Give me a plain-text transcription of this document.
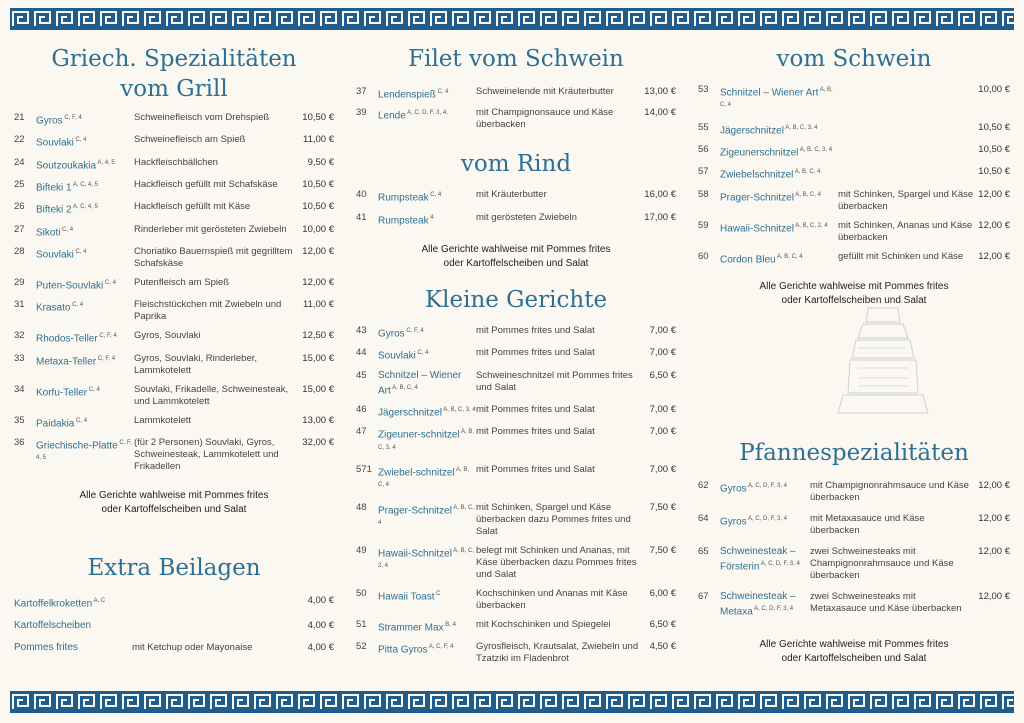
Griech. Spezialitäten
vom Grill
21	Gyros $^{C, F, 4}$	Schweinefleisch vom Drehspieß	10,50 €
22	Souvlaki $^{C, 4}$	Schweinefleisch am Spieß	11,00 €
24	Soutzoukakia $^{A, 4, 5}$	Hackfleischbällchen	9,50 €
25	Bifteki 1 $^{A, C, 4, 5}$	Hackfleisch gefüllt mit Schafskäse	10,50 €
26	Bifteki 2 $^{A, C, 4, 5}$	Hackfleisch gefüllt mit Käse	10,50 €
27	Sikoti $^{C, 4}$	Rinderleber mit gerösteten Zwiebeln	10,00 €
28	Souvlaki $^{C, 4}$	Choriatiko Bauernspieß mit gegrilltem Schafskäse
12,00 €
29	Puten-Souvlaki $^{C, 4}$	Putenfleisch am Spieß	12,00 €
31	Krasato $^{C, 4}$	Fleischstückchen mit Zwiebeln und Paprika
11,00 €
32	Rhodos-Teller $^{C, F, 4}$	Gyros, Souvlaki	12,50 €
33	Metaxa-Teller $^{C, F, 4}$	Gyros, Souvlaki, Rinderleber, Lammkotelett
15,00 €
34	Korfu-Teller $^{C, 4}$	Souvlaki, Frikadelle, Schweinesteak, und Lammkotelett
15,00 €
35	Paidakia $^{C, 4}$	Lammkotelett	13,00 €
36	Griechische-Platte $^{C, F, 4, 5}$
(für 2 Personen) Souvlaki, Gyros, Schweinesteak, Lammkotelett und Frikadellen
32,00 €
Alle Gerichte wahlweise mit Pommes frites
oder Kartoffelscheiben und Salat
Extra Beilagen
Kartoffelkroketten $^{A, C}$	4,00 €
Kartoffelscheiben	4,00 €
Pommes frites	mit Ketchup oder Mayonaise	4,00 €
Filet vom Schwein
37	Lendenspieß $^{C, 4}$	Schweinelende mit Kräuterbutter	13,00 €
39	Lende $^{A, C, D, F, 3, 4,}$	mit Champignonsauce und Käse überbacken
14,00 €
vom Rind
40	Rumpsteak $^{C, 4}$	mit Kräuterbutter	16,00 €
41	Rumpsteak $^4$	mit gerösteten Zwiebeln	17,00 €
Alle Gerichte wahlweise mit Pommes frites
oder Kartoffelscheiben und Salat
Kleine Gerichte
43	Gyros $^{C, F, 4}$	mit Pommes frites und Salat	7,00 €
44	Souvlaki $^{C, 4}$	mit Pommes frites und Salat	7,00 €
45	Schnitzel – Wiener Art $^{A, B, C, 4}$
Schweineschnitzel mit Pommes frites und Salat
6,50 €
46	Jägerschnitzel $^{A, B, C, 3, 4}$ mit Pommes frites und Salat	7,00 €
47	Zigeuner-schnitzel $^{A, B, C, 3, 4}$
mit Pommes frites und Salat	7,00 €
571 Zwiebel-schnitzel $^{A, B, C, 4}$
mit Pommes frites und Salat	7,00 €
48	Prager-Schnitzel $^{A, B, C, 4}$
mit Schinken, Spargel und Käse überbacken dazu Pommes frites und Salat
7,50 €
49	Hawaii-Schnitzel $^{A, B, C, 2, 4}$
belegt mit Schinken und Ananas, mit Käse überbacken dazu Pommes frites und Salat
7,50 €
50	Hawaii Toast $^C$	Kochschinken und Ananas mit Käse überbacken
6,00 €
51	Strammer Max $^{B, 4}$	mit Kochschinken und Spiegelei	6,50 €
52	Pitta Gyros $^{A, C, F, 4}$	Gyrosfleisch, Krautsalat, Zwiebeln und Tzatziki im Fladenbrot
4,50 €
vom Schwein
53	Schnitzel – Wiener Art $^{A, B, C, 4}$
10,00 €
55	Jägerschnitzel $^{A, B, C, 3, 4}$	10,50 €
56	Zigeunerschnitzel $^{A, B, C, 3, 4}$	10,50 €
57	Zwiebelschnitzel $^{A, B, C, 4}$	10,50 €
58	Prager-Schnitzel $^{A, B, C, 4}$	mit Schinken, Spargel und Käse überbacken
12,00 €
59	Hawaii-Schnitzel $^{A, B, C, 2, 4}$	mit Schinken, Ananas und Käse überbacken
12,00 €
60	Cordon Bleu $^{A, B, C, 4}$	gefüllt mit Schinken und Käse	12,00 €
Alle Gerichte wahlweise mit Pommes frites
oder Kartoffelscheiben und Salat
Pfannespezialitäten
62	Gyros $^{A, C, D, F, 3, 4}$	mit Champignonrahmsauce und Käse überbacken
12,00 €
64	Gyros $^{A, C, D, F, 3, 4}$	mit Metaxasauce und Käse überbacken
12,00 €
65	Schweinesteak – Försterin $^{A, C, D, F, 3, 4}$
zwei Schweinesteaks mit Champignonrahmsauce und Käse überbacken
12,00 €
67	Schweinesteak – Metaxa $^{A, C, D, F, 3, 4}$
zwei Schweinesteaks mit Metaxasauce und Käse überbacken
12,00 €
Alle Gerichte wahlweise mit Pommes frites
oder Kartoffelscheiben und Salat
